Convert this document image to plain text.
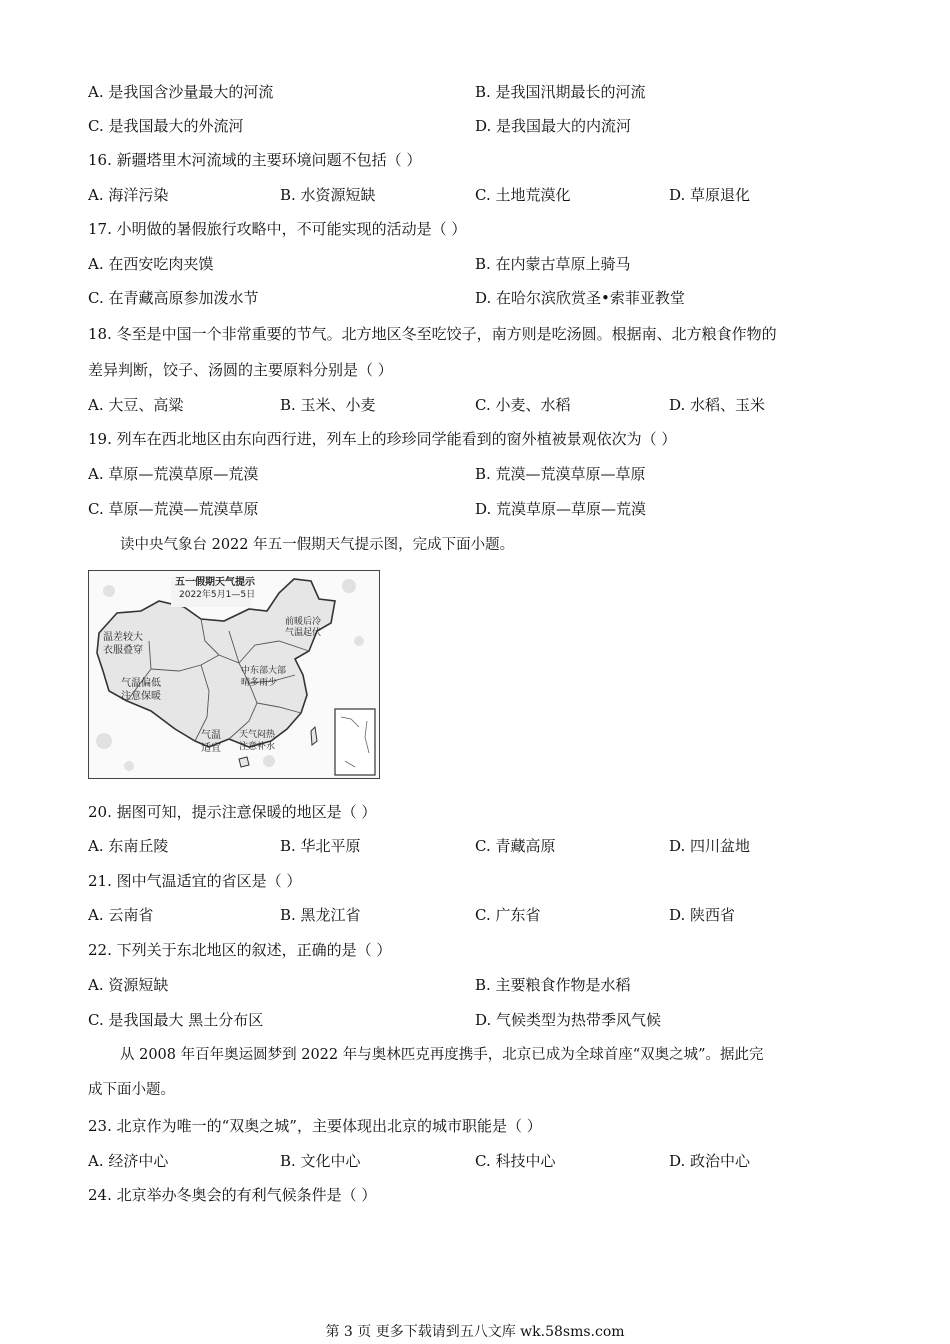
A. 是我国含沙量最大的河流	B. 是我国汛期最长的河流
C. 是我国最大的外流河	D. 是我国最大的内流河
16. 新疆塔里木河流域的主要环境问题不包括（ ）
A. 海洋污染	B. 水资源短缺	C. 土地荒漠化	D. 草原退化
17. 小明做的暑假旅行攻略中，不可能实现的活动是（ ）
A. 在西安吃肉夹馍	B. 在内蒙古草原上骑马
C. 在青藏高原参加泼水节	D. 在哈尔滨欣赏圣•索菲亚教堂
18. 冬至是中国一个非常重要的节气。北方地区冬至吃饺子，南方则是吃汤圆。根据南、北方粮食作物的
差异判断，饺子、汤圆的主要原料分别是（ ）
A. 大豆、高粱	B. 玉米、小麦	C. 小麦、水稻	D. 水稻、玉米
19. 列车在西北地区由东向西行进，列车上的珍珍同学能看到的窗外植被景观依次为（ ）
A. 草原—荒漠草原—荒漠	B. 荒漠—荒漠草原—草原
C. 草原—荒漠—荒漠草原	D. 荒漠草原—草原—荒漠
读中央气象台 2022 年五一假期天气提示图，完成下面小题。
五一假期天气提示
2022年5月1—5日
前暖后冷
气温起伏
温差较大
衣服叠穿
气温偏低
注意保暖
中东部大部
晴多雨少
气温
适宜
天气闷热
注意补水
20. 据图可知，提示注意保暖的地区是（ ）
A. 东南丘陵	B. 华北平原	C. 青藏高原	D. 四川盆地
21. 图中气温适宜的省区是（ ）
A. 云南省	B. 黑龙江省	C. 广东省	D. 陕西省
22. 下列关于东北地区的叙述，正确的是（ ）
A. 资源短缺	B. 主要粮食作物是水稻
C. 是我国最大 黑土分布区	D. 气候类型为热带季风气候
从 2008 年百年奥运圆梦到 2022 年与奥林匹克再度携手，北京已成为全球首座“双奥之城”。据此完
成下面小题。
23. 北京作为唯一的“双奥之城”，主要体现出北京的城市职能是（ ）
A. 经济中心	B. 文化中心	C. 科技中心	D. 政治中心
24. 北京举办冬奥会的有利气候条件是（ ）
第 3 页 更多下载请到五八文库 wk.58sms.com
